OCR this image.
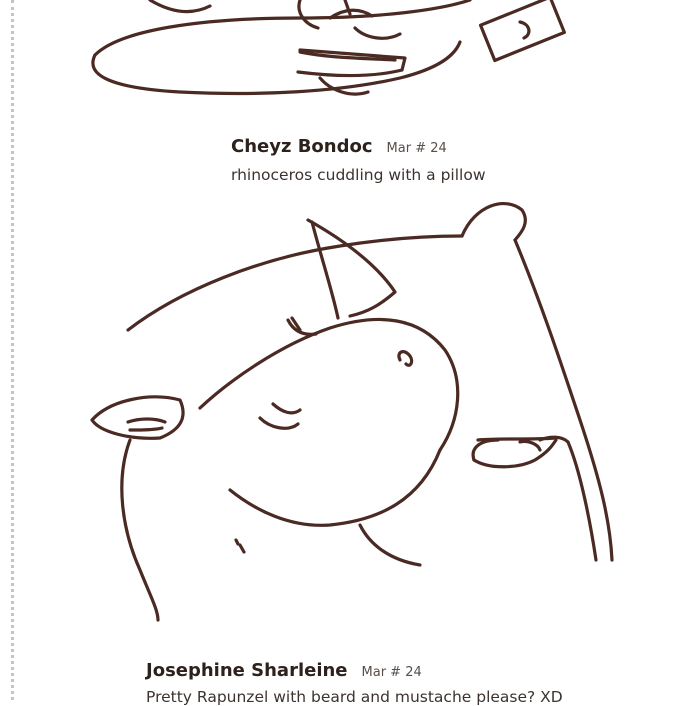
Cheyz Bondoc Mar # 24
rhinoceros cuddling with a pillow
Josephine Sharleine Mar # 24
Pretty Rapunzel with beard and mustache please? XD
